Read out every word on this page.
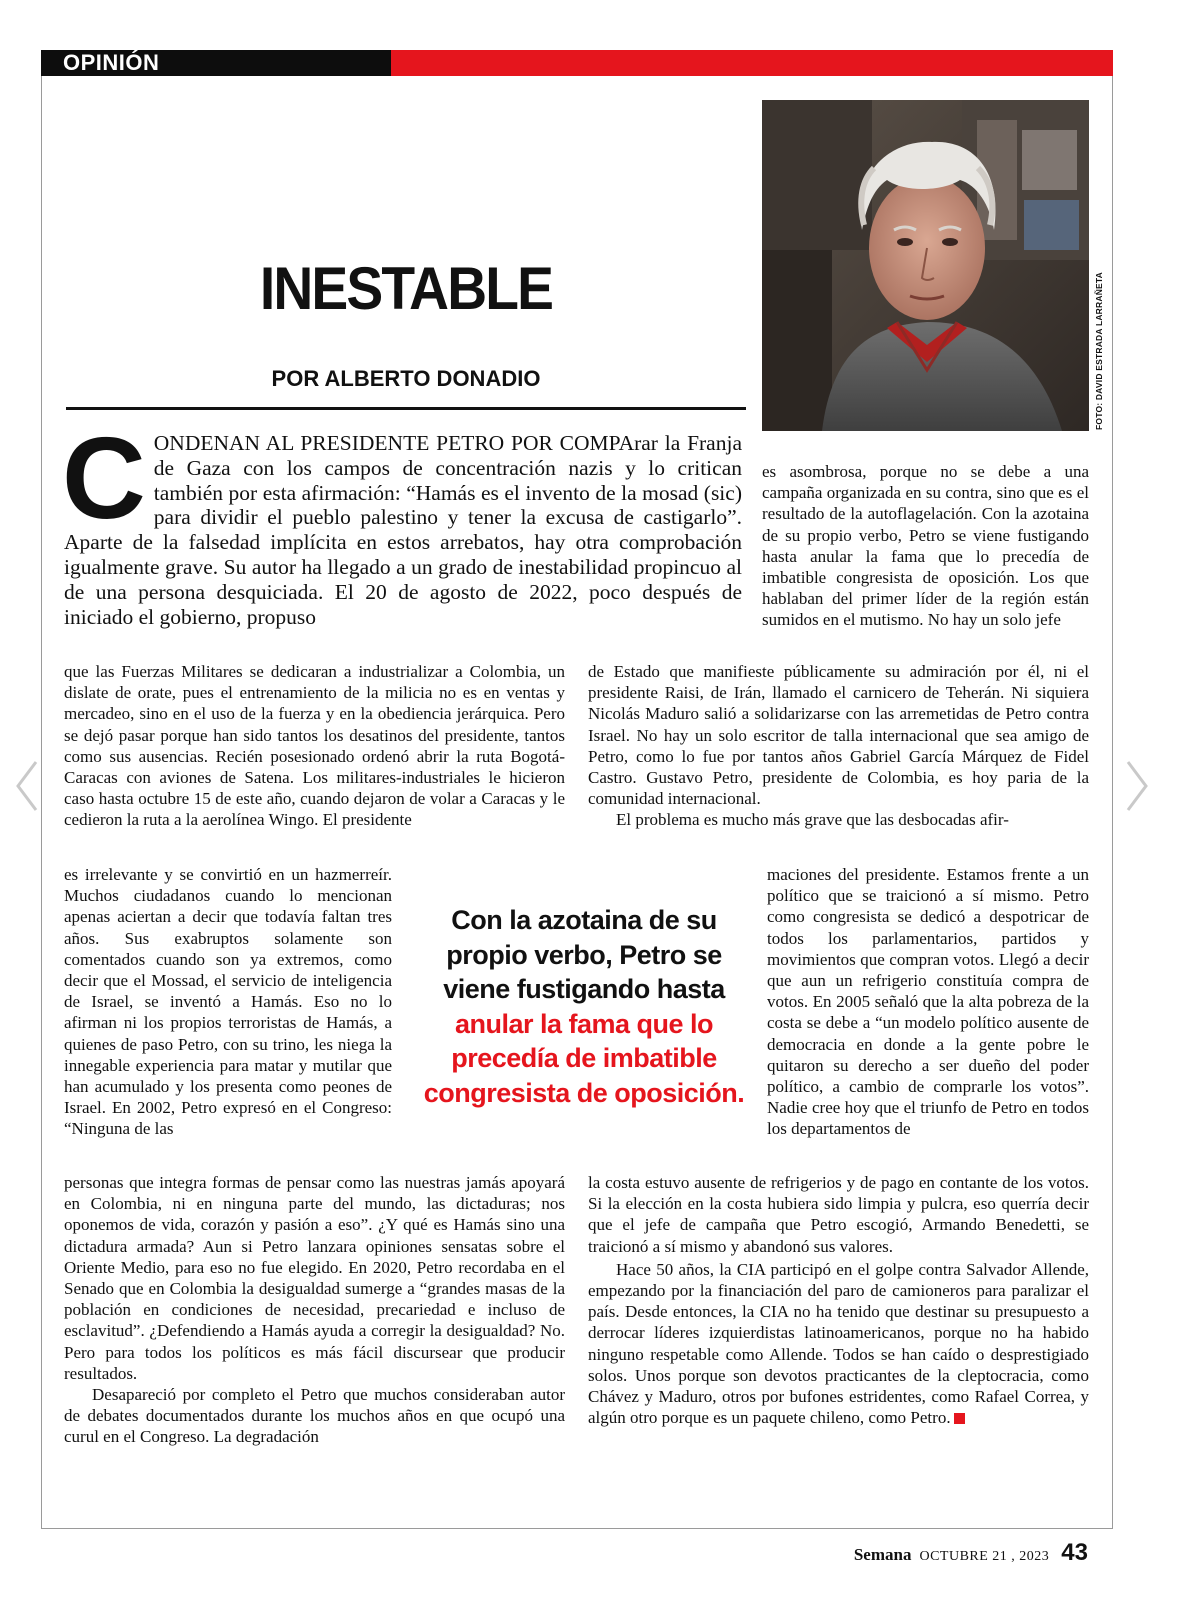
OPINIÓN
INESTABLE
POR ALBERTO DONADIO	FOTO: DAVID ESTRADA LARRAÑETA
C ONDENAN AL PRESIDENTE PETRO POR COMPArar la Franja de Gaza con los campos de concentración nazis y lo critican también por esta afirmación: “Hamás es el invento de la mosad (sic) para dividir el pueblo palestino y tener la excusa de castigarlo”. Aparte de la falsedad implícita en estos arrebatos, hay otra comprobación igualmente grave. Su autor ha llegado a un grado de inestabilidad propincuo al de una persona desquiciada. El 20 de agosto de 2022, poco después de iniciado el gobierno, propuso

que las Fuerzas Militares se dedicaran a industrializar a Colombia, un dislate de orate, pues el entrenamiento de la milicia no es en ventas y mercadeo, sino en el uso de la fuerza y en la obediencia jerárquica. Pero se dejó pasar porque han sido tantos los desatinos del presidente, tantos como sus ausencias. Recién posesionado ordenó abrir la ruta Bogotá-Caracas con aviones de Satena. Los militares-industriales le hicieron caso hasta octubre 15 de este año, cuando dejaron de volar a Caracas y le cedieron la ruta a la aerolínea Wingo. El presidente

es irrelevante y se convirtió en un hazmerreír. Muchos ciudadanos cuando lo mencionan apenas aciertan a decir que todavía faltan tres años. Sus exabruptos solamente son comentados cuando son ya extremos, como decir que el Mossad, el servicio de inteligencia de Israel, se inventó a Hamás. Eso no lo afirman ni los propios terroristas de Hamás, a quienes de paso Petro, con su trino, les niega la innegable experiencia para matar y mutilar que han acumulado y los presenta como peones de Israel. En 2002, Petro expresó en el Congreso: “Ninguna de las

personas que integra formas de pensar como las nuestras jamás apoyará en Colombia, ni en ninguna parte del mundo, las dictaduras; nos oponemos de vida, corazón y pasión a eso”. ¿Y qué es Hamás sino una dictadura armada? Aun si Petro lanzara opiniones sensatas sobre el Oriente Medio, para eso no fue elegido. En 2020, Petro recordaba en el Senado que en Colombia la desigualdad sumerge a “grandes masas de la población en condiciones de necesidad, precariedad e incluso de esclavitud”. ¿Defendiendo a Hamás ayuda a corregir la desigualdad? No. Pero para todos los políticos es más fácil discursear que producir resultados.

Desapareció por completo el Petro que muchos consideraban autor de debates documentados durante los muchos años en que ocupó una curul en el Congreso. La degradación

es asombrosa, porque no se debe a una campaña organizada en su contra, sino que es el resultado de la autoflagelación. Con la azotaina de su propio verbo, Petro se viene fustigando hasta anular la fama que lo precedía de imbatible congresista de oposición. Los que hablaban del primer líder de la región están sumidos en el mutismo. No hay un solo jefe

de Estado que manifieste públicamente su admiración por él, ni el presidente Raisi, de Irán, llamado el carnicero de Teherán. Ni siquiera Nicolás Maduro salió a solidarizarse con las arremetidas de Petro contra Israel. No hay un solo escritor de talla internacional que sea amigo de Petro, como lo fue por tantos años Gabriel García Márquez de Fidel Castro. Gustavo Petro, presidente de Colombia, es hoy paria de la comunidad internacional.

El problema es mucho más grave que las desbocadas afir-

maciones del presidente. Estamos frente a un político que se traicionó a sí mismo. Petro como congresista se dedicó a despotricar de todos los parlamentarios, partidos y movimientos que compran votos. Llegó a decir que aun un refrigerio constituía compra de votos. En 2005 señaló que la alta pobreza de la costa se debe a “un modelo político ausente de democracia en donde a la gente pobre le quitaron su derecho a ser dueño del poder político, a cambio de comprarle los votos”. Nadie cree hoy que el triunfo de Petro en todos los departamentos de

la costa estuvo ausente de refrigerios y de pago en contante de los votos. Si la elección en la costa hubiera sido limpia y pulcra, eso querría decir que el jefe de campaña que Petro escogió, Armando Benedetti, se traicionó a sí mismo y abandonó sus valores.

Hace 50 años, la CIA participó en el golpe contra Salvador Allende, empezando por la financiación del paro de camioneros para paralizar el país. Desde entonces, la CIA no ha tenido que destinar su presupuesto a derrocar líderes izquierdistas latinoamericanos, porque no ha habido ninguno respetable como Allende. Todos se han caído o desprestigiado solos. Unos porque son devotos practicantes de la cleptocracia, como Chávez y Maduro, otros por bufones estridentes, como Rafael Correa, y algún otro porque es un paquete chileno, como Petro.

Con la azotaina de su propio verbo, Petro se viene fustigando hasta anular la fama que lo precedía de imbatible congresista de oposición.
Semana OCTUBRE 21 , 2023 43
